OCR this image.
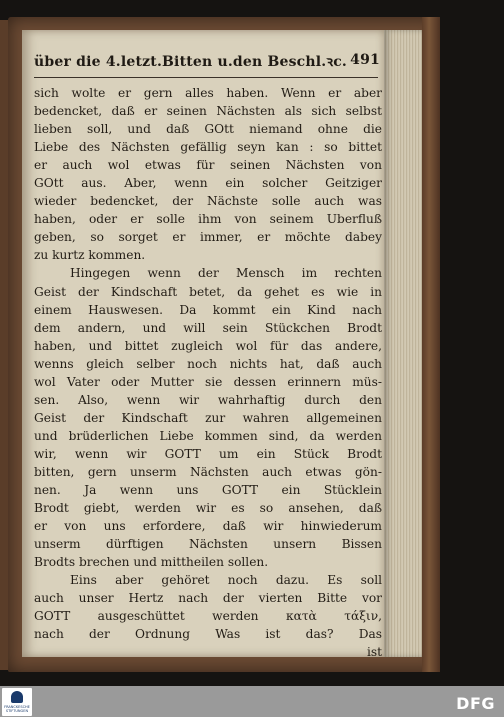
über die 4.letzt.Bitten u.den Beschl.ꝛc. 491
sich wolte er gern alles haben. Wenn er aber
bedencket, daß er seinen Nächsten als sich selbst
lieben soll, und daß GOtt niemand ohne die
Liebe des Nächsten gefällig seyn kan : so bittet
er auch wol etwas für seinen Nächsten von
GOtt aus. Aber, wenn ein solcher Geitziger
wieder bedencket, der Nächste solle auch was
haben, oder er solle ihm von seinem Uberfluß
geben, so sorget er immer, er möchte dabey
zu kurtz kommen.
Hingegen wenn der Mensch im rechten
Geist der Kindschaft betet, da gehet es wie in
einem Hauswesen. Da kommt ein Kind nach
dem andern, und will sein Stückchen Brodt
haben, und bittet zugleich wol für das andere,
wenns gleich selber noch nichts hat, daß auch
wol Vater oder Mutter sie dessen erinnern müs-
sen. Also, wenn wir wahrhaftig durch den
Geist der Kindschaft zur wahren allgemeinen
und brüderlichen Liebe kommen sind, da werden
wir, wenn wir GOTT um ein Stück Brodt
bitten, gern unserm Nächsten auch etwas gön-
nen. Ja wenn uns GOTT ein Stücklein
Brodt giebt, werden wir es so ansehen, daß
er von uns erfordere, daß wir hinwiederum
unserm dürftigen Nächsten unsern Bissen
Brodts brechen und mittheilen sollen.
Eins aber gehöret noch dazu. Es soll
auch unser Hertz nach der vierten Bitte vor
GOTT ausgeschüttet werden κατὰ τάξιν,
nach der Ordnung Was ist das? Das
ist
FRANCKESCHE
STIFTUNGEN	DFG
